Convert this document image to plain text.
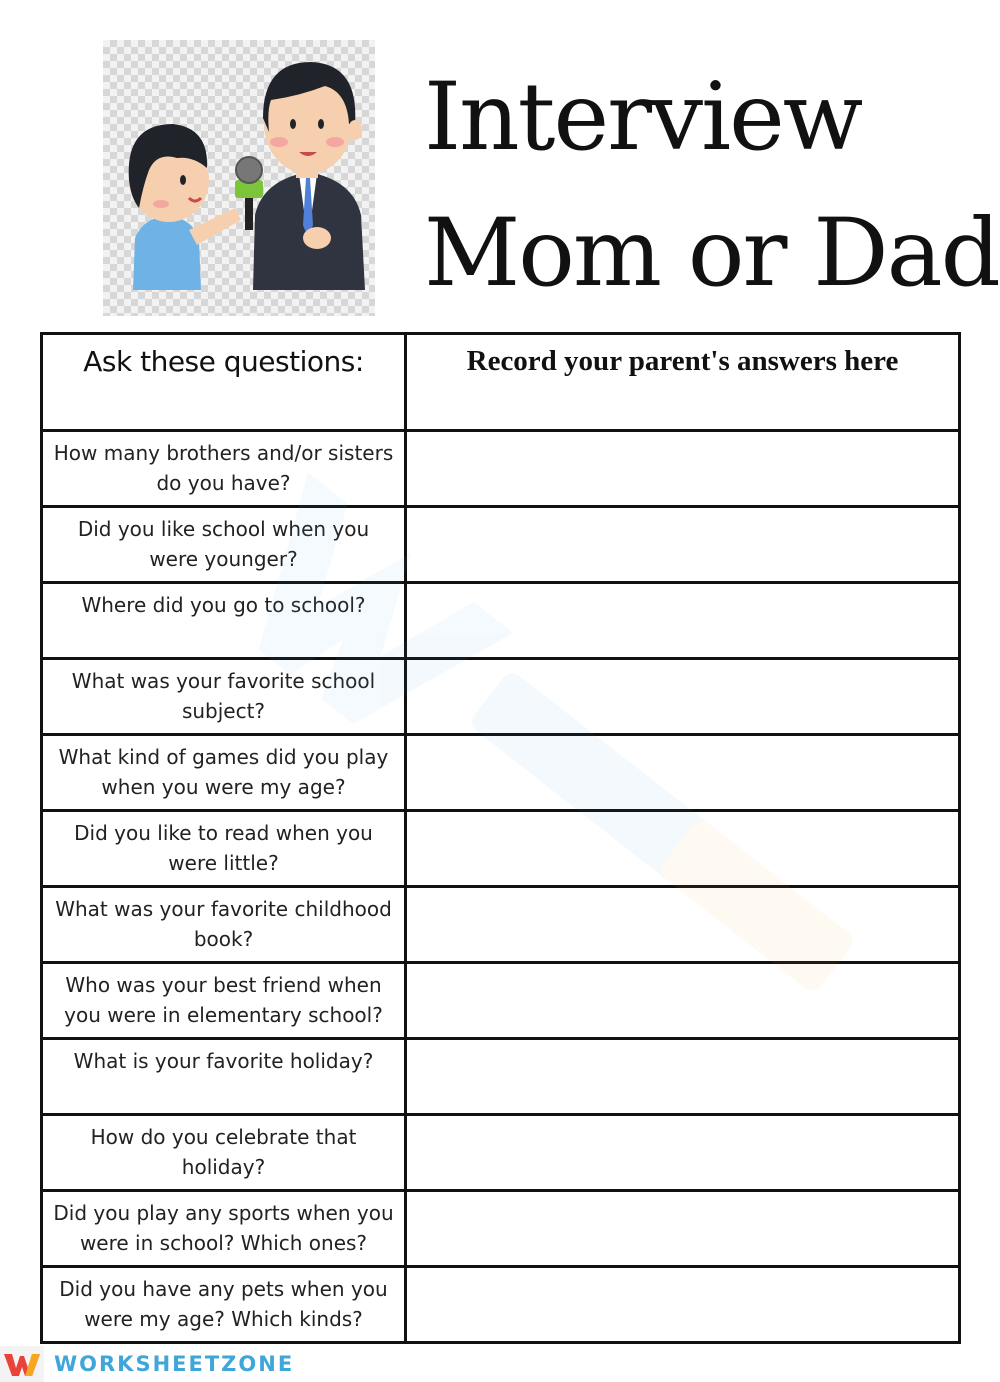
Interview
Mom or Dad
Ask these questions:	Record your parent's answers here
How many brothers and/or sisters do you have?	
Did you like school when you were younger?	
Where did you go to school?	
What was your favorite school subject?	
What kind of games did you play when you were my age?	
Did you like to read when you were little?	
What was your favorite childhood book?	
Who was your best friend when you were in elementary school?	
What is your favorite holiday?	
How do you celebrate that holiday?	
Did you play any sports when you were in school? Which ones?	
Did you have any pets when you were my age? Which kinds?	
WORKSHEETZONE
